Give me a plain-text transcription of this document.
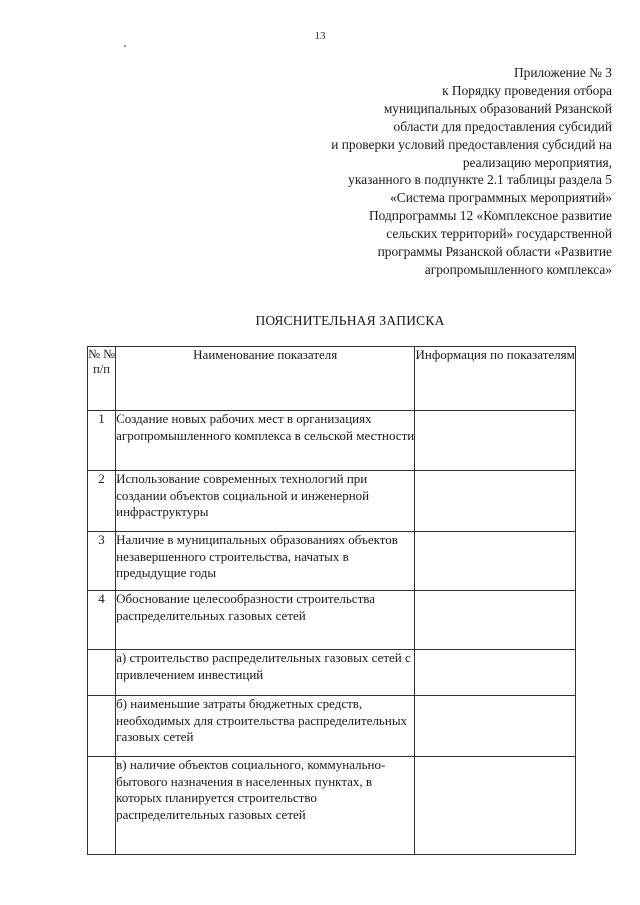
13
Приложение № 3
к Порядку проведения отбора
муниципальных образований Рязанской
области для предоставления субсидий
и проверки условий предоставления субсидий на
реализацию мероприятия,
указанного в подпункте 2.1 таблицы раздела 5
«Система программных мероприятий»
Подпрограммы 12 «Комплексное развитие
сельских территорий» государственной
программы Рязанской области «Развитие
агропромышленного комплекса»
ПОЯСНИТЕЛЬНАЯ ЗАПИСКА
№ № п/п	Наименование показателя	Информация по показателям
1	Создание новых рабочих мест в организациях агропромышленного комплекса в сельской местности	
2	Использование современных технологий при создании объектов социальной и инженерной инфраструктуры	
3	Наличие в муниципальных образованиях объектов незавершенного строительства, начатых в предыдущие годы	
4	Обоснование целесообразности строительства распределительных газовых сетей	
	а) строительство распределительных газовых сетей с привлечением инвестиций	
	б) наименьшие затраты бюджетных средств, необходимых для строительства распределительных газовых сетей	
	в) наличие объектов социального, коммунально-бытового назначения в населенных пунктах, в которых планируется строительство распределительных газовых сетей	
